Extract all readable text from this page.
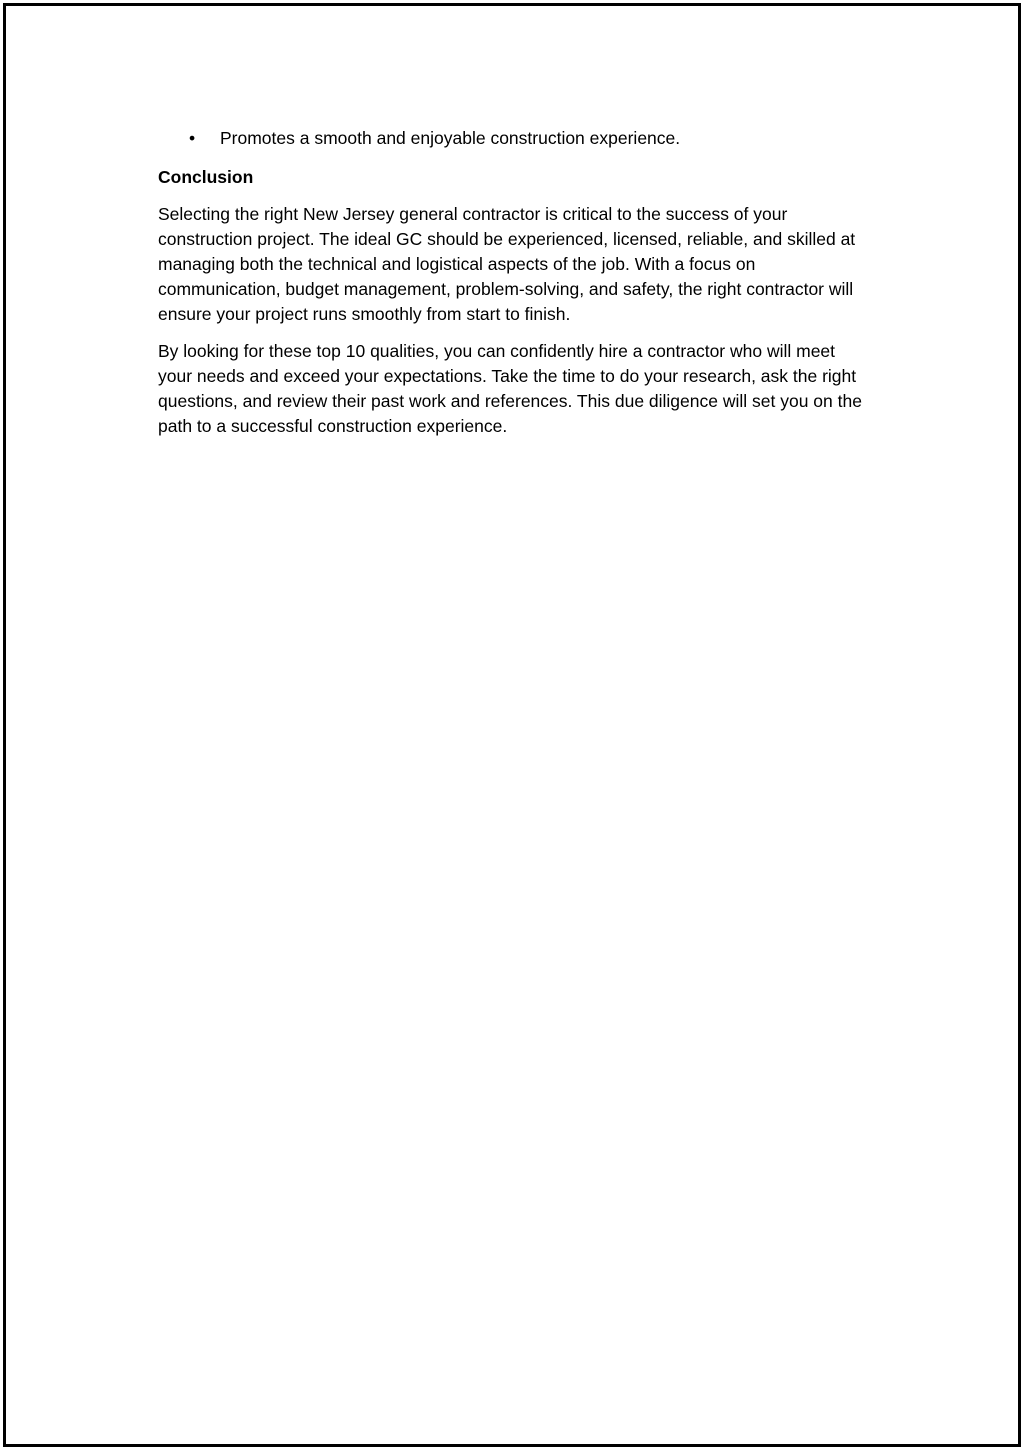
• Promotes a smooth and enjoyable construction experience.
Conclusion

Selecting the right New Jersey general contractor is critical to the success of your construction project. The ideal GC should be experienced, licensed, reliable, and skilled at managing both the technical and logistical aspects of the job. With a focus on communication, budget management, problem-solving, and safety, the right contractor will ensure your project runs smoothly from start to finish.

By looking for these top 10 qualities, you can confidently hire a contractor who will meet your needs and exceed your expectations. Take the time to do your research, ask the right questions, and review their past work and references. This due diligence will set you on the path to a successful construction experience.
